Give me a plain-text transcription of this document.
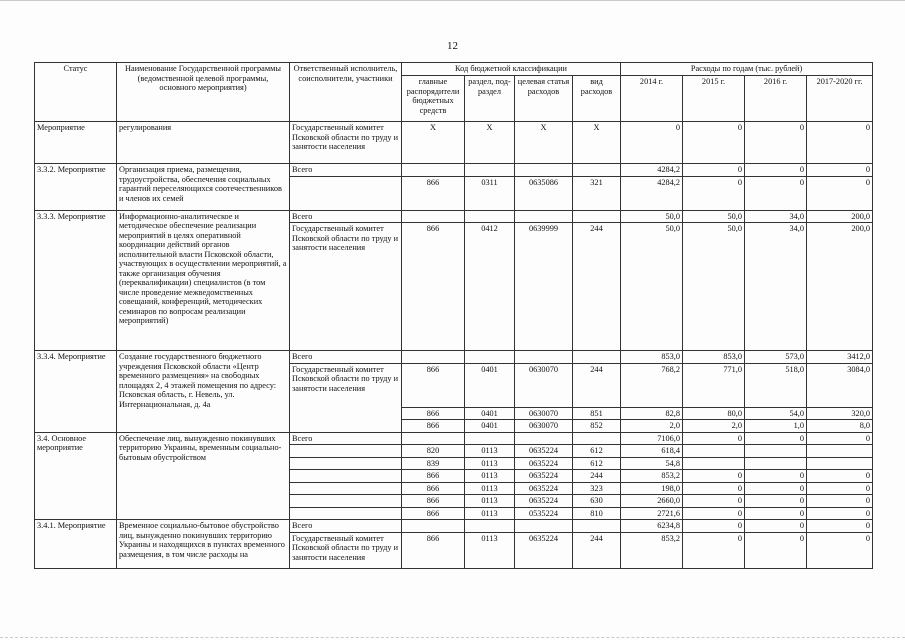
12
Статус	Наименование Государственной программы (ведомственной целевой программы, основного мероприятия)	Ответственный исполнитель, соисполнители, участники	Код бюджетной классификации				Расходы по годам (тыс. рублей)			
			главные распорядители бюджетных средств	раздел, под-раздел	целевая статья расходов	вид расходов	2014 г.	2015 г.	2016 г.	2017-2020 гг.
Мероприятие	регулирования	Государственный комитет Псковской области по труду и занятости населения	Х	Х	Х	Х	0	0	0	0
3.3.2. Мероприятие	Организация приема, размещения, трудоустройства, обеспечения социальных гарантий переселяющихся соотечественников и членов их семей	Всего					4284,2	0	0	0
			866	0311	0635086	321	4284,2	0	0	0
3.3.3. Мероприятие	Информационно-аналитическое и методическое обеспечение реализации мероприятий в целях оперативной координации действий органов исполнительной власти Псковской области, участвующих в осуществлении мероприятий, а также организация обучения (переквалификации) специалистов (в том числе проведение межведомственных совещаний, конференций, методических семинаров по вопросам реализации мероприятий)	Всего					50,0	50,0	34,0	200,0
		Государственный комитет Псковской области по труду и занятости населения	866	0412	0639999	244	50,0	50,0	34,0	200,0
3.3.4. Мероприятие	Создание государственного бюджетного учреждения Псковской области «Центр временного размещения» на свободных площадях 2, 4 этажей помещения по адресу: Псковская область, г. Невель, ул. Интернациональная, д. 4а	Всего					853,0	853,0	573,0	3412,0
		Государственный комитет Псковской области по труду и занятости населения	866	0401	0630070	244	768,2	771,0	518,0	3084,0
			866	0401	0630070	851	82,8	80,0	54,0	320,0
			866	0401	0630070	852	2,0	2,0	1,0	8,0
3.4. Основное мероприятие	Обеспечение лиц, вынужденно покинувших территорию Украины, временным социально-бытовым обустройством	Всего					7106,0	0	0	0
			820	0113	0635224	612	618,4			
			839	0113	0635224	612	54,8			
			866	0113	0635224	244	853,2	0	0	0
			866	0113	0635224	323	198,0	0	0	0
			866	0113	0635224	630	2660,0	0	0	0
			866	0113	0535224	810	2721,6	0	0	0
3.4.1. Мероприятие	Временное социально-бытовое обустройство лиц, вынужденно покинувших территорию Украины и находящихся в пунктах временного размещения, в том числе расходы на	Всего					6234,8	0	0	0
		Государственный комитет Псковской области по труду и занятости населения	866	0113	0635224	244	853,2	0	0	0
